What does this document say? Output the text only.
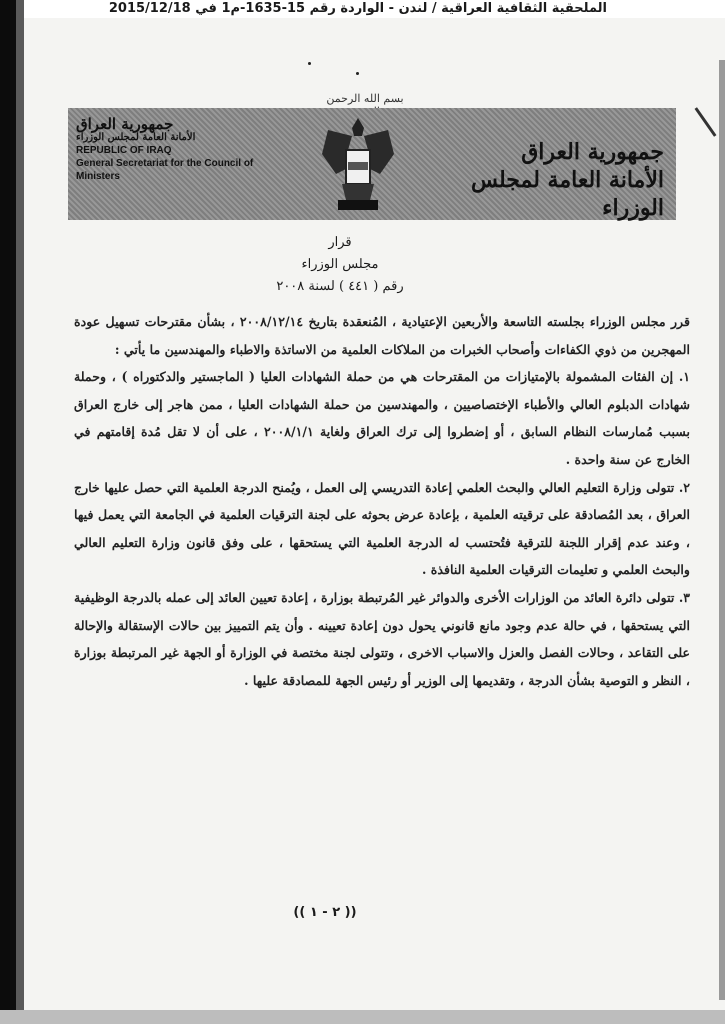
الملحقية الثقافية العراقية / لندن - الواردة رقم 15-1635-م1 في 2015/12/18
بسم الله الرحمن
جمهورية العراق
الأمانة العامة لمجلس الوزراء
REPUBLIC OF IRAQ
General Secretariat for the Council of Ministers
جمهورية العراق
الأمانة العامة لمجلس الوزراء
قرار
مجلس الوزراء
رقم ( ٤٤١ ) لسنة ٢٠٠٨

قرر مجلس الوزراء بجلسته التاسعة والأربعين الإعتيادية ، المُنعقدة بتاريخ ٢٠٠٨/١٢/١٤ ، بشأن مقترحات تسهيل عودة المهجرين من ذوي الكفاءات وأصحاب الخبرات من الملاكات العلمية من الاساتذة والاطباء والمهندسين ما يأتي :

١. إن الفئات المشمولة بالإمتيازات من المقترحات هي من حملة الشهادات العليا ( الماجستير والدكتوراه ) ، وحملة شهادات الدبلوم العالي والأطباء الإختصاصيين ، والمهندسين من حملة الشهادات العليا ، ممن هاجر إلى خارج العراق بسبب مُمارسات النظام السابق ، أو إضطروا إلى ترك العراق ولغاية ٢٠٠٨/١/١ ، على أن لا تقل مُدة إقامتهم في الخارج عن سنة واحدة .

٢. تتولى وزارة التعليم العالي والبحث العلمي إعادة التدريسي إلى العمل ، ويُمنح الدرجة العلمية التي حصل عليها خارج العراق ، بعد المُصادقة على ترقيته العلمية ، بإعادة عرض بحوثه على لجنة الترقيات العلمية في الجامعة التي يعمل فيها ، وعند عدم إقرار اللجنة للترقية فتُحتسب له الدرجة العلمية التي يستحقها ، على وفق قانون وزارة التعليم العالي والبحث العلمي و تعليمات الترقيات العلمية النافذة .

٣. تتولى دائرة العائد من الوزارات الأخرى والدوائر غير المُرتبطة بوزارة ، إعادة تعيين العائد إلى عمله بالدرجة الوظيفية التي يستحقها ، في حالة عدم وجود مانع قانوني يحول دون إعادة تعيينه . وأن يتم التمييز بين حالات الإستقالة والإحالة على التقاعد ، وحالات الفصل والعزل والاسباب الاخرى ، وتتولى لجنة مختصة في الوزارة أو الجهة غير المرتبطة بوزارة ، النظر و التوصية بشأن الدرجة ، وتقديمها إلى الوزير أو رئيس الجهة للمصادقة عليها .

(( ٢ - ١ ))
